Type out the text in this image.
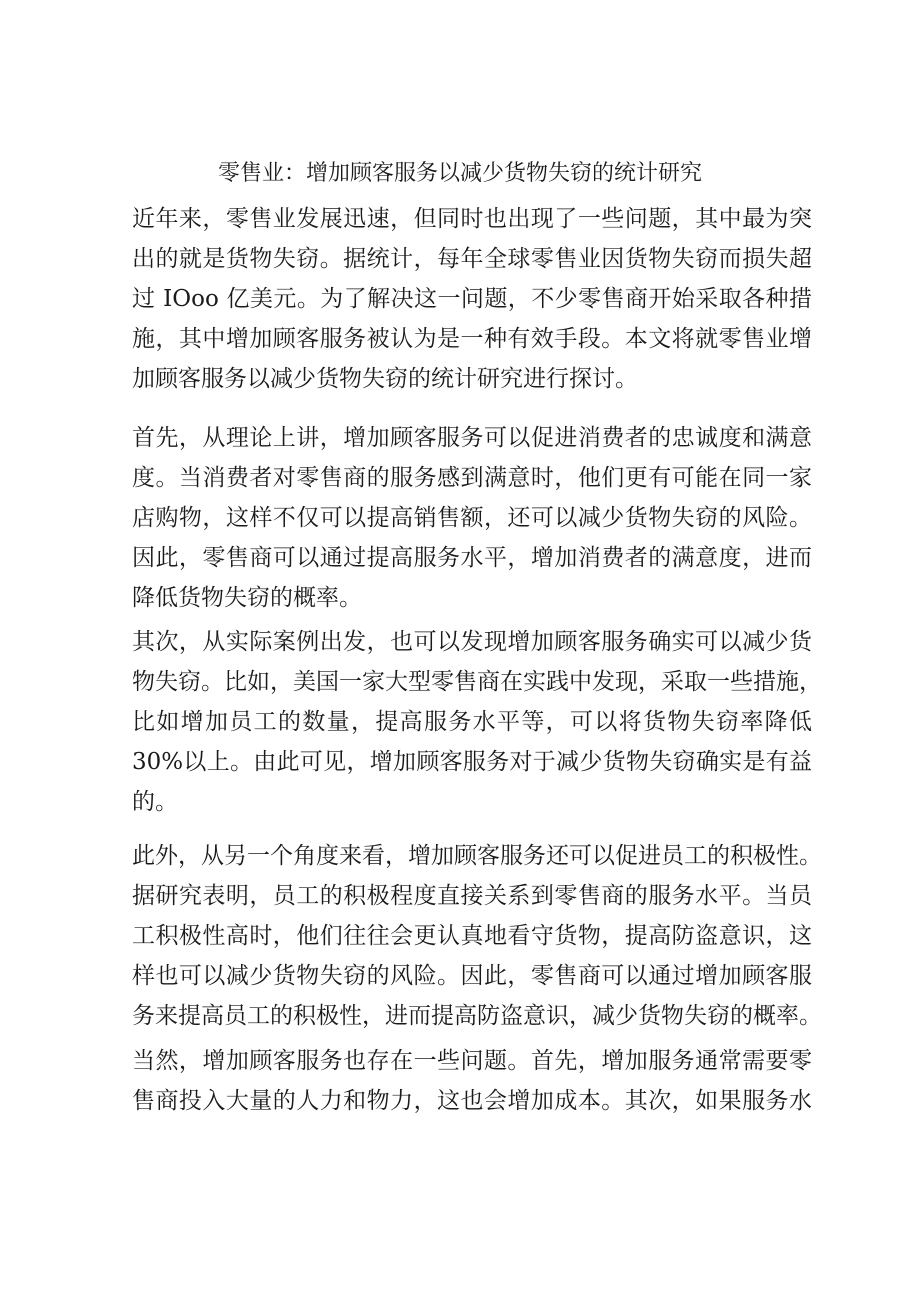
零售业：增加顾客服务以减少货物失窃的统计研究
近年来，零售业发展迅速，但同时也出现了一些问题，其中最为突
出的就是货物失窃。据统计，每年全球零售业因货物失窃而损失超
过 IOoo 亿美元。为了解决这一问题，不少零售商开始采取各种措
施，其中增加顾客服务被认为是一种有效手段。本文将就零售业增
加顾客服务以减少货物失窃的统计研究进行探讨。
首先，从理论上讲，增加顾客服务可以促进消费者的忠诚度和满意
度。当消费者对零售商的服务感到满意时，他们更有可能在同一家
店购物，这样不仅可以提高销售额，还可以减少货物失窃的风险。
因此，零售商可以通过提高服务水平，增加消费者的满意度，进而
降低货物失窃的概率。
其次，从实际案例出发，也可以发现增加顾客服务确实可以减少货
物失窃。比如，美国一家大型零售商在实践中发现，采取一些措施，
比如增加员工的数量，提高服务水平等，可以将货物失窃率降低
30%以上。由此可见，增加顾客服务对于减少货物失窃确实是有益
的。
此外，从另一个角度来看，增加顾客服务还可以促进员工的积极性。
据研究表明，员工的积极程度直接关系到零售商的服务水平。当员
工积极性高时，他们往往会更认真地看守货物，提高防盗意识，这
样也可以减少货物失窃的风险。因此，零售商可以通过增加顾客服
务来提高员工的积极性，进而提高防盗意识，减少货物失窃的概率。
当然，增加顾客服务也存在一些问题。首先，增加服务通常需要零
售商投入大量的人力和物力，这也会增加成本。其次，如果服务水
